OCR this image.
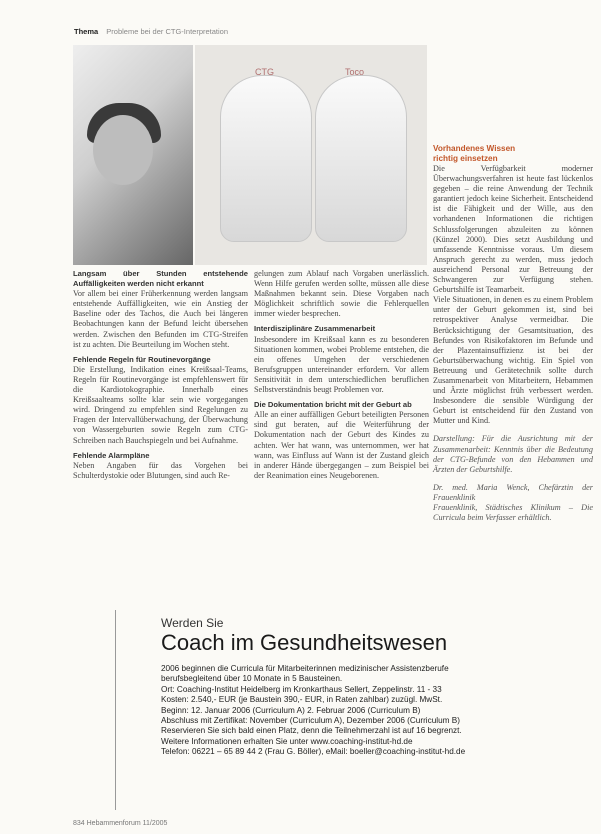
Thema Probleme bei der CTG-Interpretation
CTG	Toco
Langsam über Stunden entstehende Auffälligkeiten werden nicht erkannt

Vor allem bei einer Früherkennung werden langsam entstehende Auffälligkeiten, wie ein Anstieg der Baseline oder des Tachos, die Auch bei längeren Beobachtungen kann der Befund leicht übersehen werden. Zwischen den Befunden im CTG-Streifen ist zu achten. Die Beurteilung im Wochen steht.

Fehlende Regeln für Routinevorgänge

Die Erstellung, Indikation eines Kreißsaal-Teams, Regeln für Routinevorgänge ist empfehlenswert für die Kardiotokographie. Innerhalb eines Kreißsaalteams sollte klar sein wie vorgegangen wird. Dringend zu empfehlen sind Regelungen zu Fragen der Intervallüberwachung, der Überwachung von Wassergeburten sowie Regeln zum CTG-Schreiben nach Bauchspiegeln und bei Aufnahme.

Fehlende Alarmpläne

Neben Angaben für das Vorgehen bei Schulterdystokie oder Blutungen, sind auch Re-

gelungen zum Ablauf nach Vorgaben unerlässlich. Wenn Hilfe gerufen werden sollte, müssen alle diese Maßnahmen bekannt sein. Diese Vorgaben nach Möglichkeit schriftlich sowie die Fehlerquellen immer wieder besprechen.

Interdisziplinäre Zusammenarbeit

Insbesondere im Kreißsaal kann es zu besonderen Situationen kommen, wobei Probleme entstehen, die ein offenes Umgehen der verschiedenen Berufsgruppen untereinander erfordern. Vor allem Sensitivität in dem unterschiedlichen beruflichen Selbstverständnis beugt Problemen vor.

Die Dokumentation bricht mit der Geburt ab

Alle an einer auffälligen Geburt beteiligten Personen sind gut beraten, auf die Weiterführung der Dokumentation nach der Geburt des Kindes zu achten. Wer hat wann, was unternommen, wer hat wann, was Einfluss auf Wann ist der Zustand gleich in anderer Hände übergegangen – zum Beispiel bei der Reanimation eines Neugeborenen.

Vorhandenes Wissen
richtig einsetzen

Die Verfügbarkeit moderner Überwachungsverfahren ist heute fast lückenlos gegeben – die reine Anwendung der Technik garantiert jedoch keine Sicherheit. Entscheidend ist die Fähigkeit und der Wille, aus den vorhandenen Informationen die richtigen Schlussfolgerungen abzuleiten zu können (Künzel 2000). Dies setzt Ausbildung und umfassende Kenntnisse voraus. Um diesem Anspruch gerecht zu werden, muss jedoch ausreichend Personal zur Betreuung der Schwangeren zur Verfügung stehen. Geburtshilfe ist Teamarbeit.

Viele Situationen, in denen es zu einem Problem unter der Geburt gekommen ist, sind bei retrospektiver Analyse vermeidbar. Die Berücksichtigung der Gesamtsituation, des Befundes von Risikofaktoren im Befunde und der Plazentainsuffizienz ist bei der Geburtsüberwachung wichtig. Ein Spiel von Betreuung und Gerätetechnik sollte durch Zusammenarbeit von Mitarbeitern, Hebammen und Ärzte möglichst früh verbessert werden. Insbesondere die sensible Würdigung der Geburt ist entscheidend für den Zustand von Mutter und Kind.

Darstellung: Für die Ausrichtung mit der Zusammenarbeit: Kenntnis über die Bedeutung der CTG-Befunde von den Hebammen und Ärzten der Geburtshilfe.
Dr. med. Maria Wenck, Chefärztin der Frauenklinik
Frauenklinik, Städtisches Klinikum – Die Curricula beim Verfasser erhältlich.
Werden Sie
Coach im Gesundheitswesen

2006 beginnen die Curricula für Mitarbeiterinnen medizinischer Assistenzberufe

berufsbegleitend über 10 Monate in 5 Bausteinen.

Ort: Coaching-Institut Heidelberg im Kronkarthaus Sellert, Zeppelinstr. 11 - 33

Kosten: 2.540,- EUR (je Baustein 390,- EUR, in Raten zahlbar) zuzügl. MwSt.

Beginn: 12. Januar 2006 (Curriculum A) 2. Februar 2006 (Curriculum B)

Abschluss mit Zertifikat: November (Curriculum A), Dezember 2006 (Curriculum B)

Reservieren Sie sich bald einen Platz, denn die Teilnehmerzahl ist auf 16 begrenzt.

Weitere Informationen erhalten Sie unter www.coaching-institut-hd.de

Telefon: 06221 – 65 89 44 2 (Frau G. Böller), eMail: boeller@coaching-institut-hd.de

834 Hebammenforum 11/2005
